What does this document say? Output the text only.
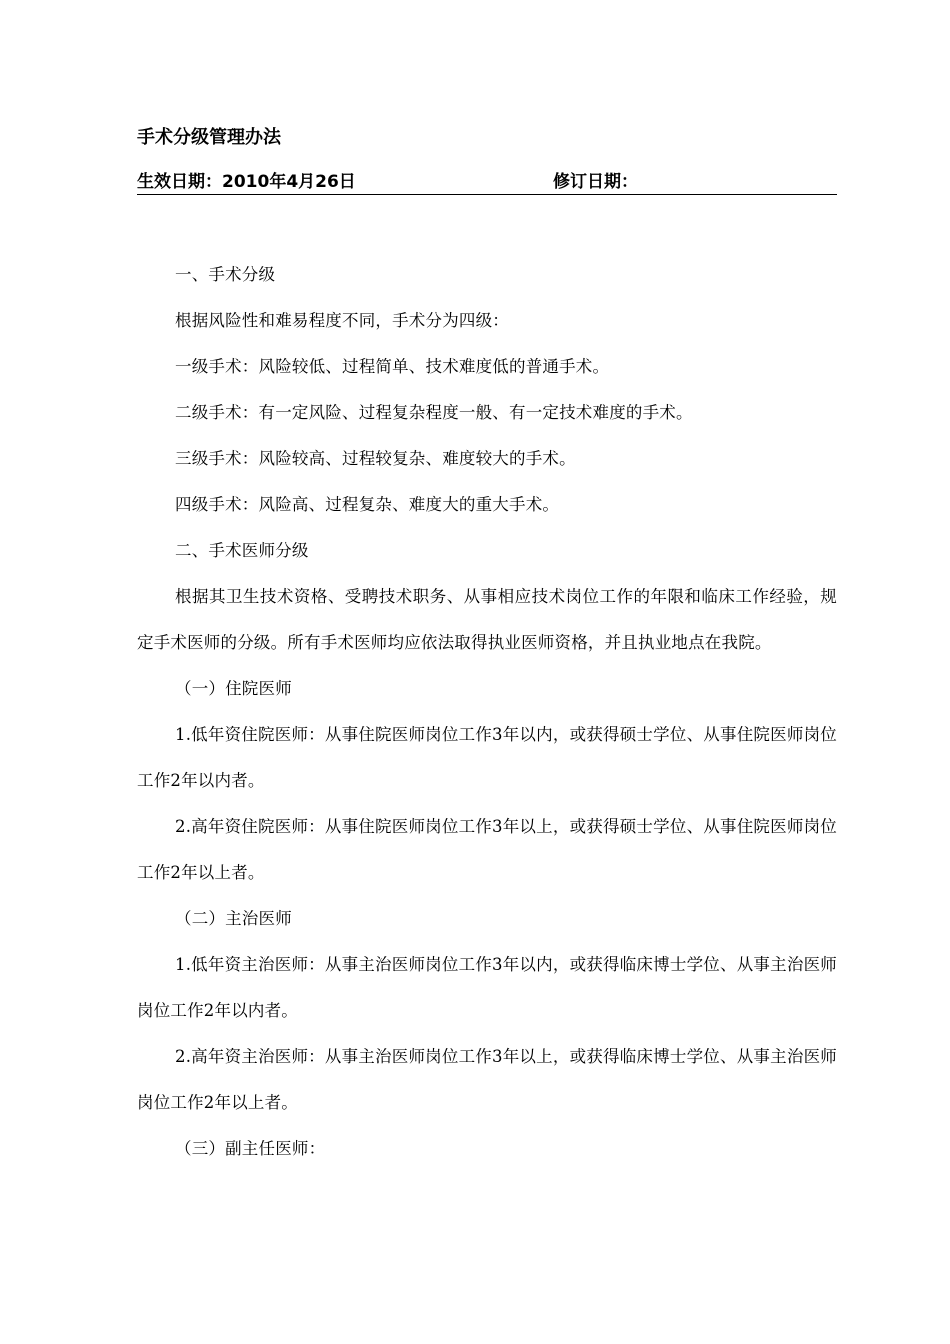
手术分级管理办法
生效日期：2010年4月26日	修订日期：

一、手术分级

根据风险性和难易程度不同，手术分为四级：

一级手术：风险较低、过程简单、技术难度低的普通手术。

二级手术：有一定风险、过程复杂程度一般、有一定技术难度的手术。

三级手术：风险较高、过程较复杂、难度较大的手术。

四级手术：风险高、过程复杂、难度大的重大手术。

二、手术医师分级

根据其卫生技术资格、受聘技术职务、从事相应技术岗位工作的年限和临床工作经验，规定手术医师的分级。所有手术医师均应依法取得执业医师资格，并且执业地点在我院。

（一）住院医师

1.低年资住院医师：从事住院医师岗位工作3年以内，或获得硕士学位、从事住院医师岗位工作2年以内者。

2.高年资住院医师：从事住院医师岗位工作3年以上，或获得硕士学位、从事住院医师岗位工作2年以上者。

（二）主治医师

1.低年资主治医师：从事主治医师岗位工作3年以内，或获得临床博士学位、从事主治医师岗位工作2年以内者。

2.高年资主治医师：从事主治医师岗位工作3年以上，或获得临床博士学位、从事主治医师岗位工作2年以上者。

（三）副主任医师：
